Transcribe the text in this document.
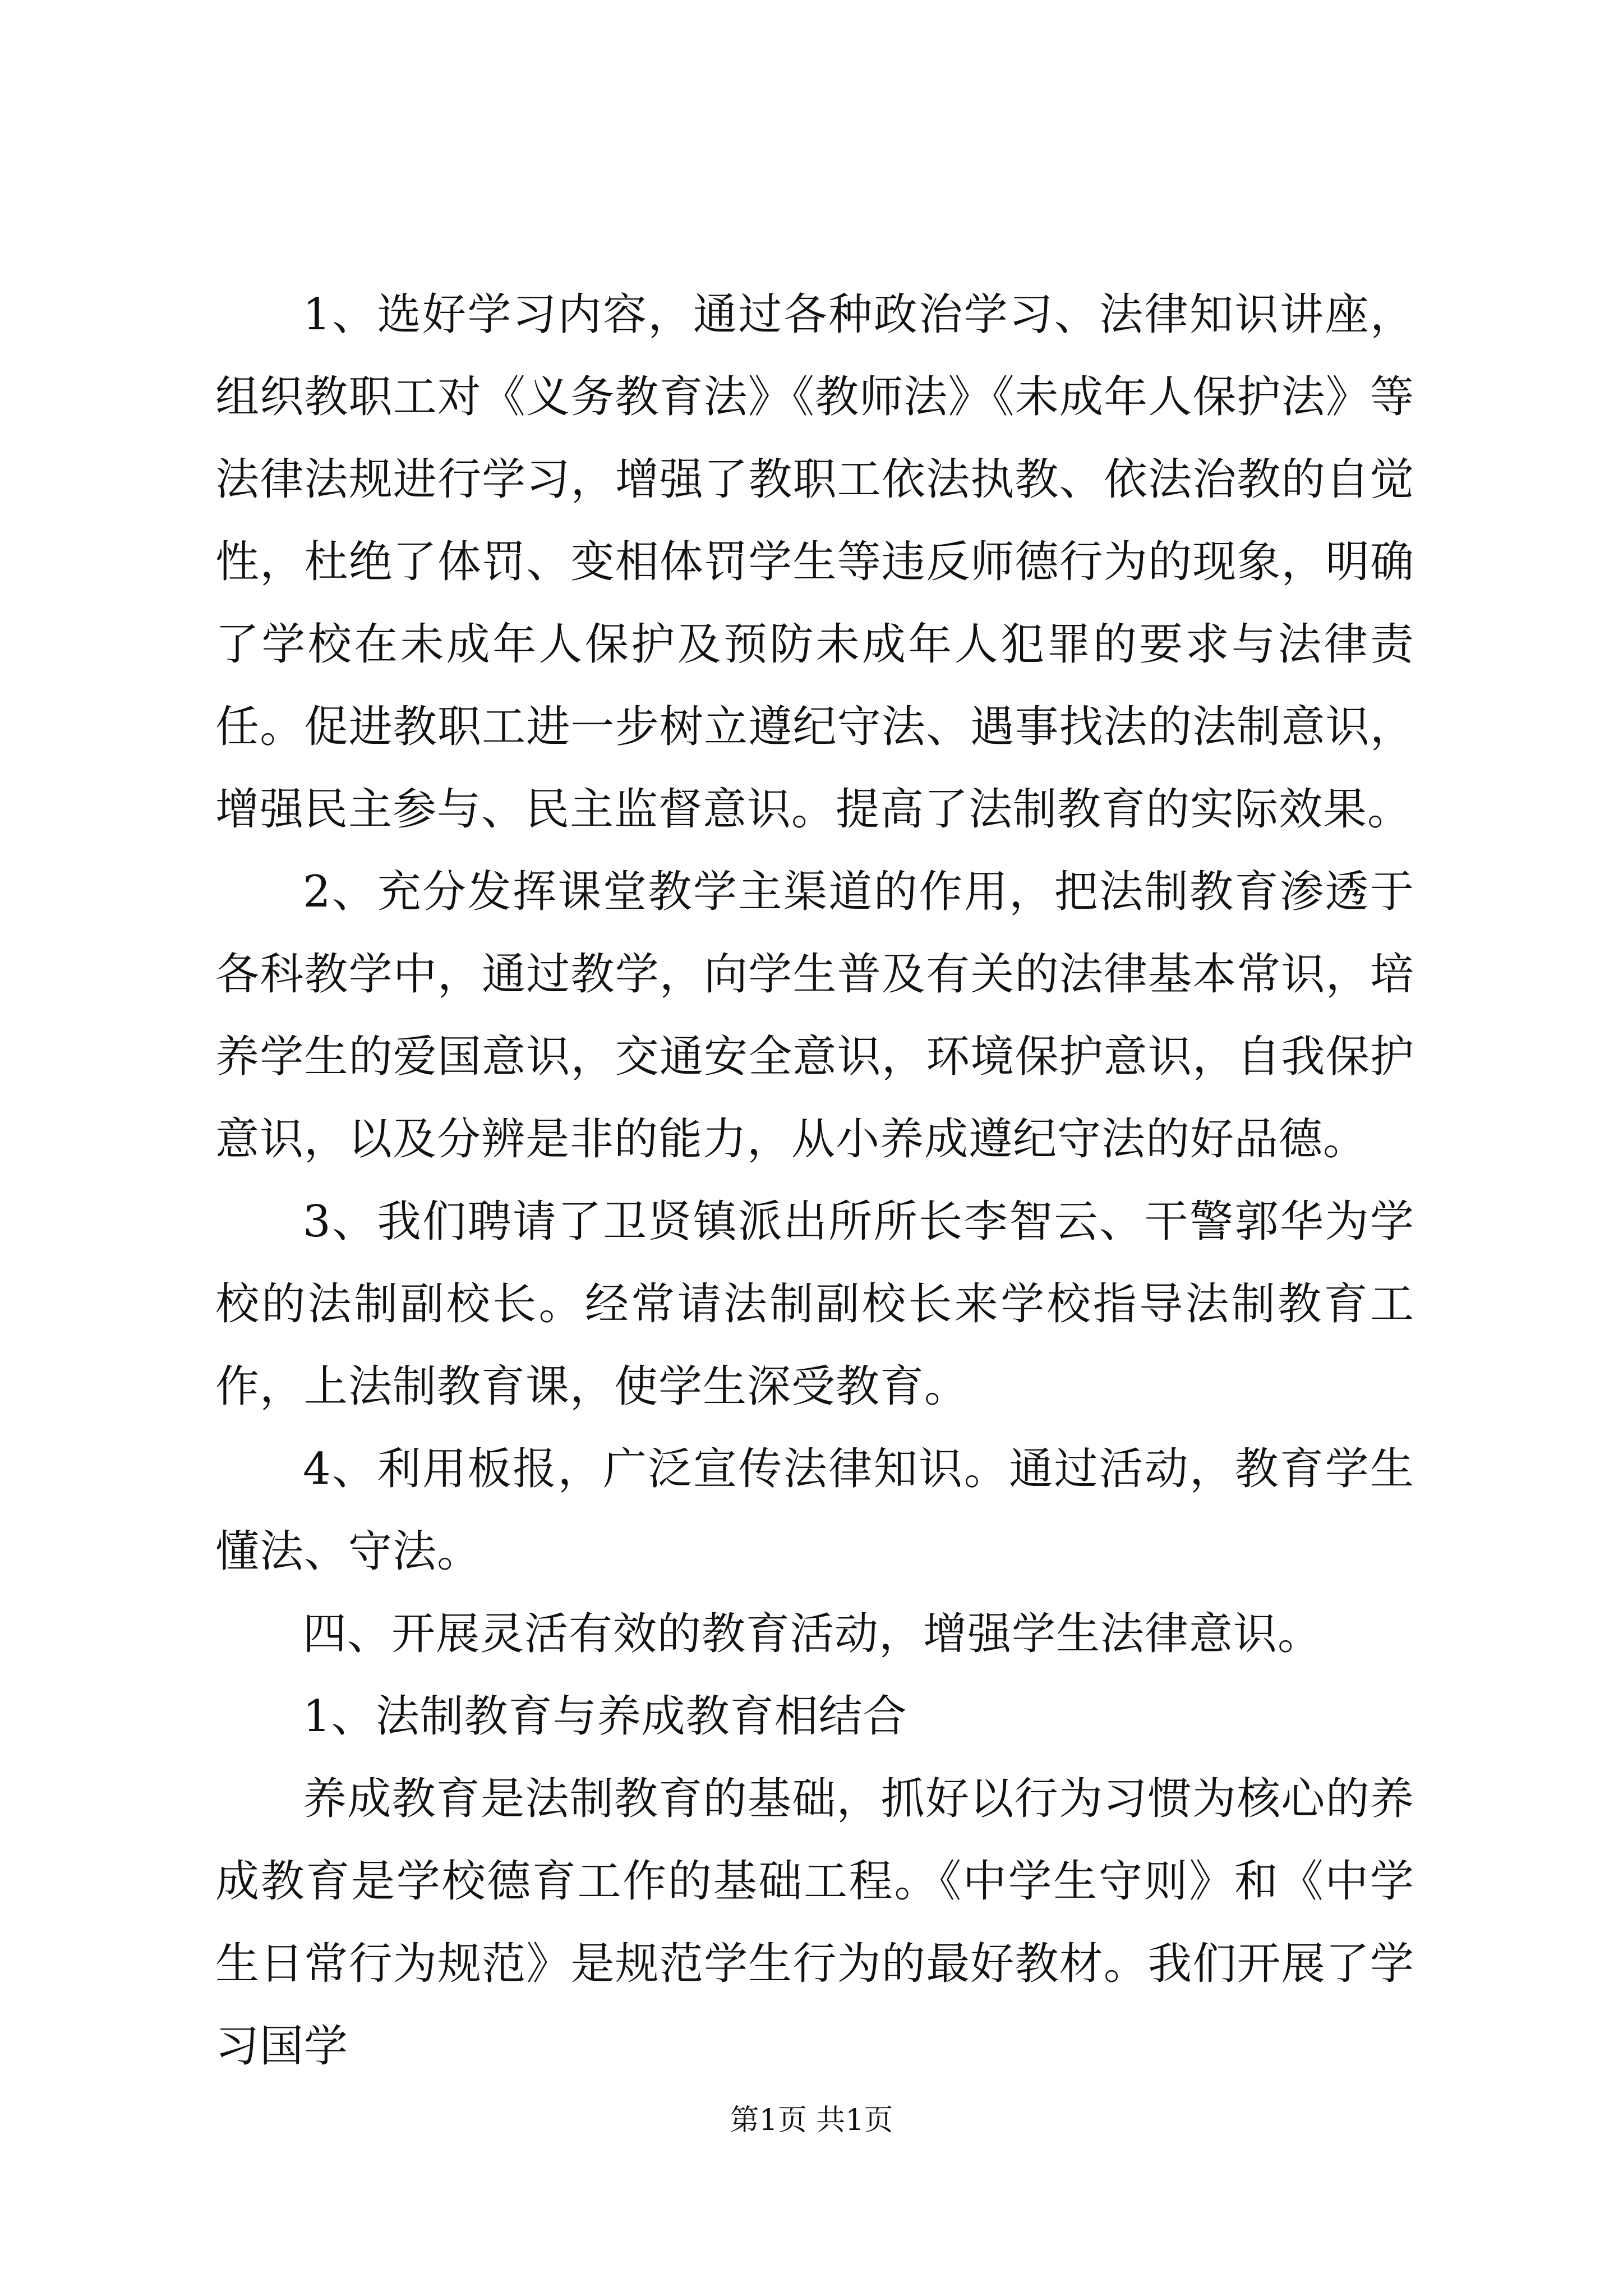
1、选好学习内容，通过各种政治学习、法律知识讲座，组织教职工对《义务教育法》《教师法》《未成年人保护法》等法律法规进行学习，增强了教职工依法执教、依法治教的自觉性，杜绝了体罚、变相体罚学生等违反师德行为的现象，明确了学校在未成年人保护及预防未成年人犯罪的要求与法律责任。促进教职工进一步树立遵纪守法、遇事找法的法制意识，增强民主参与、民主监督意识。提高了法制教育的实际效果。

2、充分发挥课堂教学主渠道的作用，把法制教育渗透于各科教学中，通过教学，向学生普及有关的法律基本常识，培养学生的爱国意识，交通安全意识，环境保护意识，自我保护意识，以及分辨是非的能力，从小养成遵纪守法的好品德。

3、我们聘请了卫贤镇派出所所长李智云、干警郭华为学校的法制副校长。经常请法制副校长来学校指导法制教育工作，上法制教育课，使学生深受教育。

4、利用板报，广泛宣传法律知识。通过活动，教育学生懂法、守法。

四、开展灵活有效的教育活动，增强学生法律意识。

1、法制教育与养成教育相结合

养成教育是法制教育的基础，抓好以行为习惯为核心的养成教育是学校德育工作的基础工程。《中学生守则》和《中学生日常行为规范》是规范学生行为的最好教材。我们开展了学习国学

第1页 共1页
